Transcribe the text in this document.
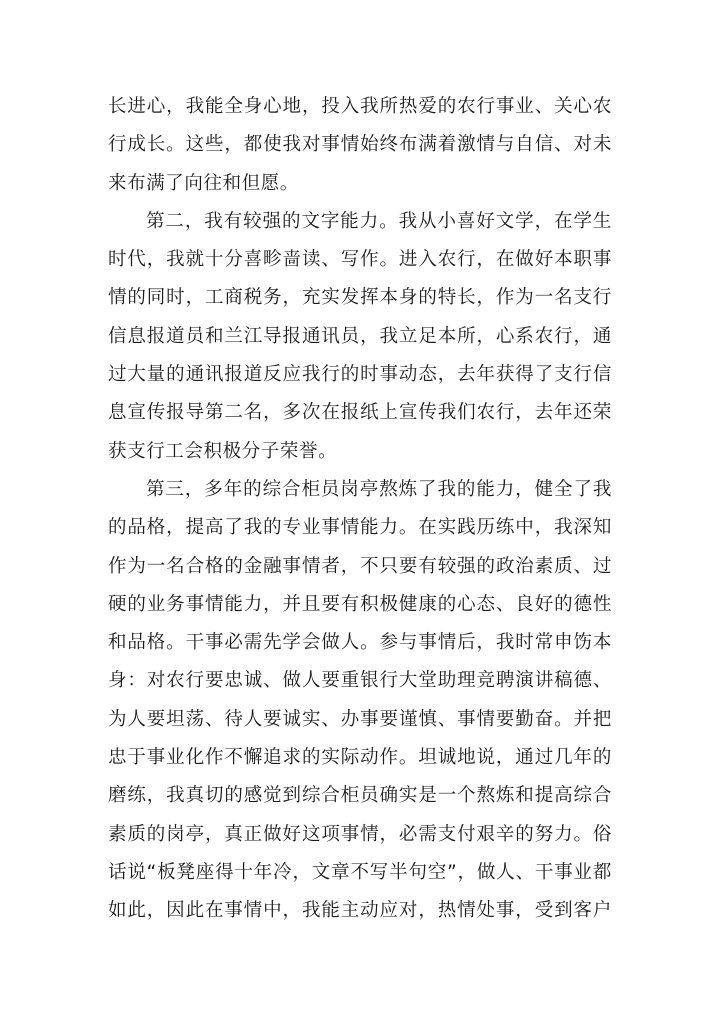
长进心，我能全身心地，投入我所热爱的农行事业、关心农
行成长。这些，都使我对事情始终布满着激情与自信、对未
来布满了向往和但愿。
第二，我有较强的文字能力。我从小喜好文学，在学生
时代，我就十分喜畛啬读、写作。进入农行，在做好本职事
情的同时，工商税务，充实发挥本身的特长，作为一名支行
信息报道员和兰江导报通讯员，我立足本所，心系农行，通
过大量的通讯报道反应我行的时事动态，去年获得了支行信
息宣传报导第二名，多次在报纸上宣传我们农行，去年还荣
获支行工会积极分子荣誉。
第三，多年的综合柜员岗亭熬炼了我的能力，健全了我
的品格，提高了我的专业事情能力。在实践历练中，我深知
作为一名合格的金融事情者，不只要有较强的政治素质、过
硬的业务事情能力，并且要有积极健康的心态、良好的德性
和品格。干事必需先学会做人。参与事情后，我时常申饬本
身：对农行要忠诚、做人要重银行大堂助理竞聘演讲稿德、
为人要坦荡、待人要诚实、办事要谨慎、事情要勤奋。并把
忠于事业化作不懈追求的实际动作。坦诚地说，通过几年的
磨练，我真切的感觉到综合柜员确实是一个熬炼和提高综合
素质的岗亭，真正做好这项事情，必需支付艰辛的努力。俗
话说“板凳座得十年冷，文章不写半句空”，做人、干事业都
如此，因此在事情中，我能主动应对，热情处事，受到客户
